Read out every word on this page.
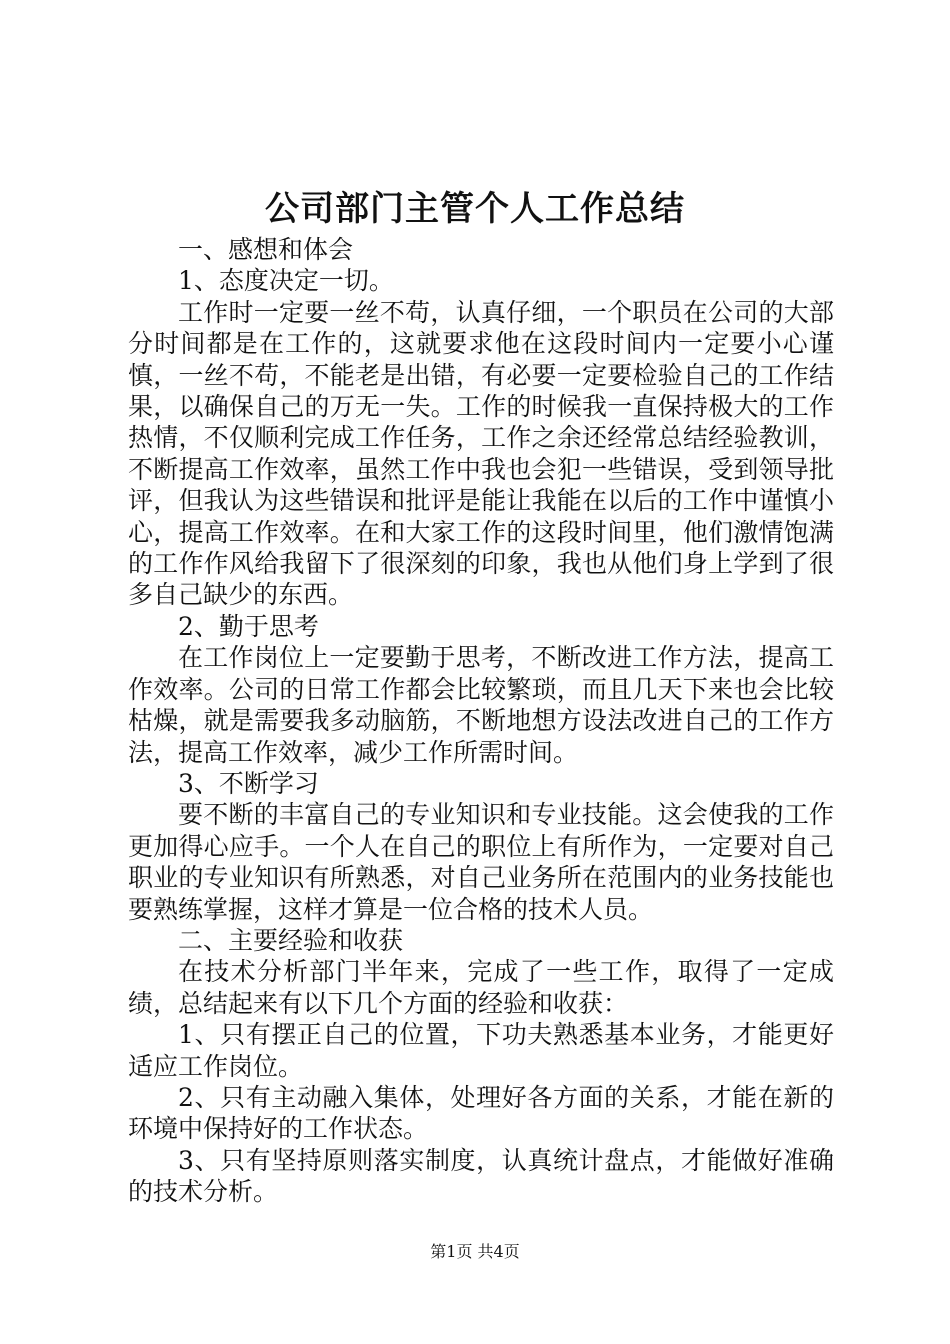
公司部门主管个人工作总结

一、感想和体会

1、态度决定一切。

工作时一定要一丝不苟，认真仔细，一个职员在公司的大部分时间都是在工作的，这就要求他在这段时间内一定要小心谨慎，一丝不苟，不能老是出错，有必要一定要检验自己的工作结果，以确保自己的万无一失。工作的时候我一直保持极大的工作热情，不仅顺利完成工作任务，工作之余还经常总结经验教训，不断提高工作效率，虽然工作中我也会犯一些错误，受到领导批评，但我认为这些错误和批评是能让我能在以后的工作中谨慎小心，提高工作效率。在和大家工作的这段时间里，他们激情饱满的工作作风给我留下了很深刻的印象，我也从他们身上学到了很多自己缺少的东西。

2、勤于思考

在工作岗位上一定要勤于思考，不断改进工作方法，提高工作效率。公司的日常工作都会比较繁琐，而且几天下来也会比较枯燥，就是需要我多动脑筋，不断地想方设法改进自己的工作方法，提高工作效率，减少工作所需时间。

3、不断学习

要不断的丰富自己的专业知识和专业技能。这会使我的工作更加得心应手。一个人在自己的职位上有所作为，一定要对自己职业的专业知识有所熟悉，对自己业务所在范围内的业务技能也要熟练掌握，这样才算是一位合格的技术人员。

二、主要经验和收获

在技术分析部门半年来，完成了一些工作，取得了一定成绩，总结起来有以下几个方面的经验和收获：

1、只有摆正自己的位置，下功夫熟悉基本业务，才能更好适应工作岗位。

2、只有主动融入集体，处理好各方面的关系，才能在新的环境中保持好的工作状态。

3、只有坚持原则落实制度，认真统计盘点，才能做好准确的技术分析。

第1页 共4页
